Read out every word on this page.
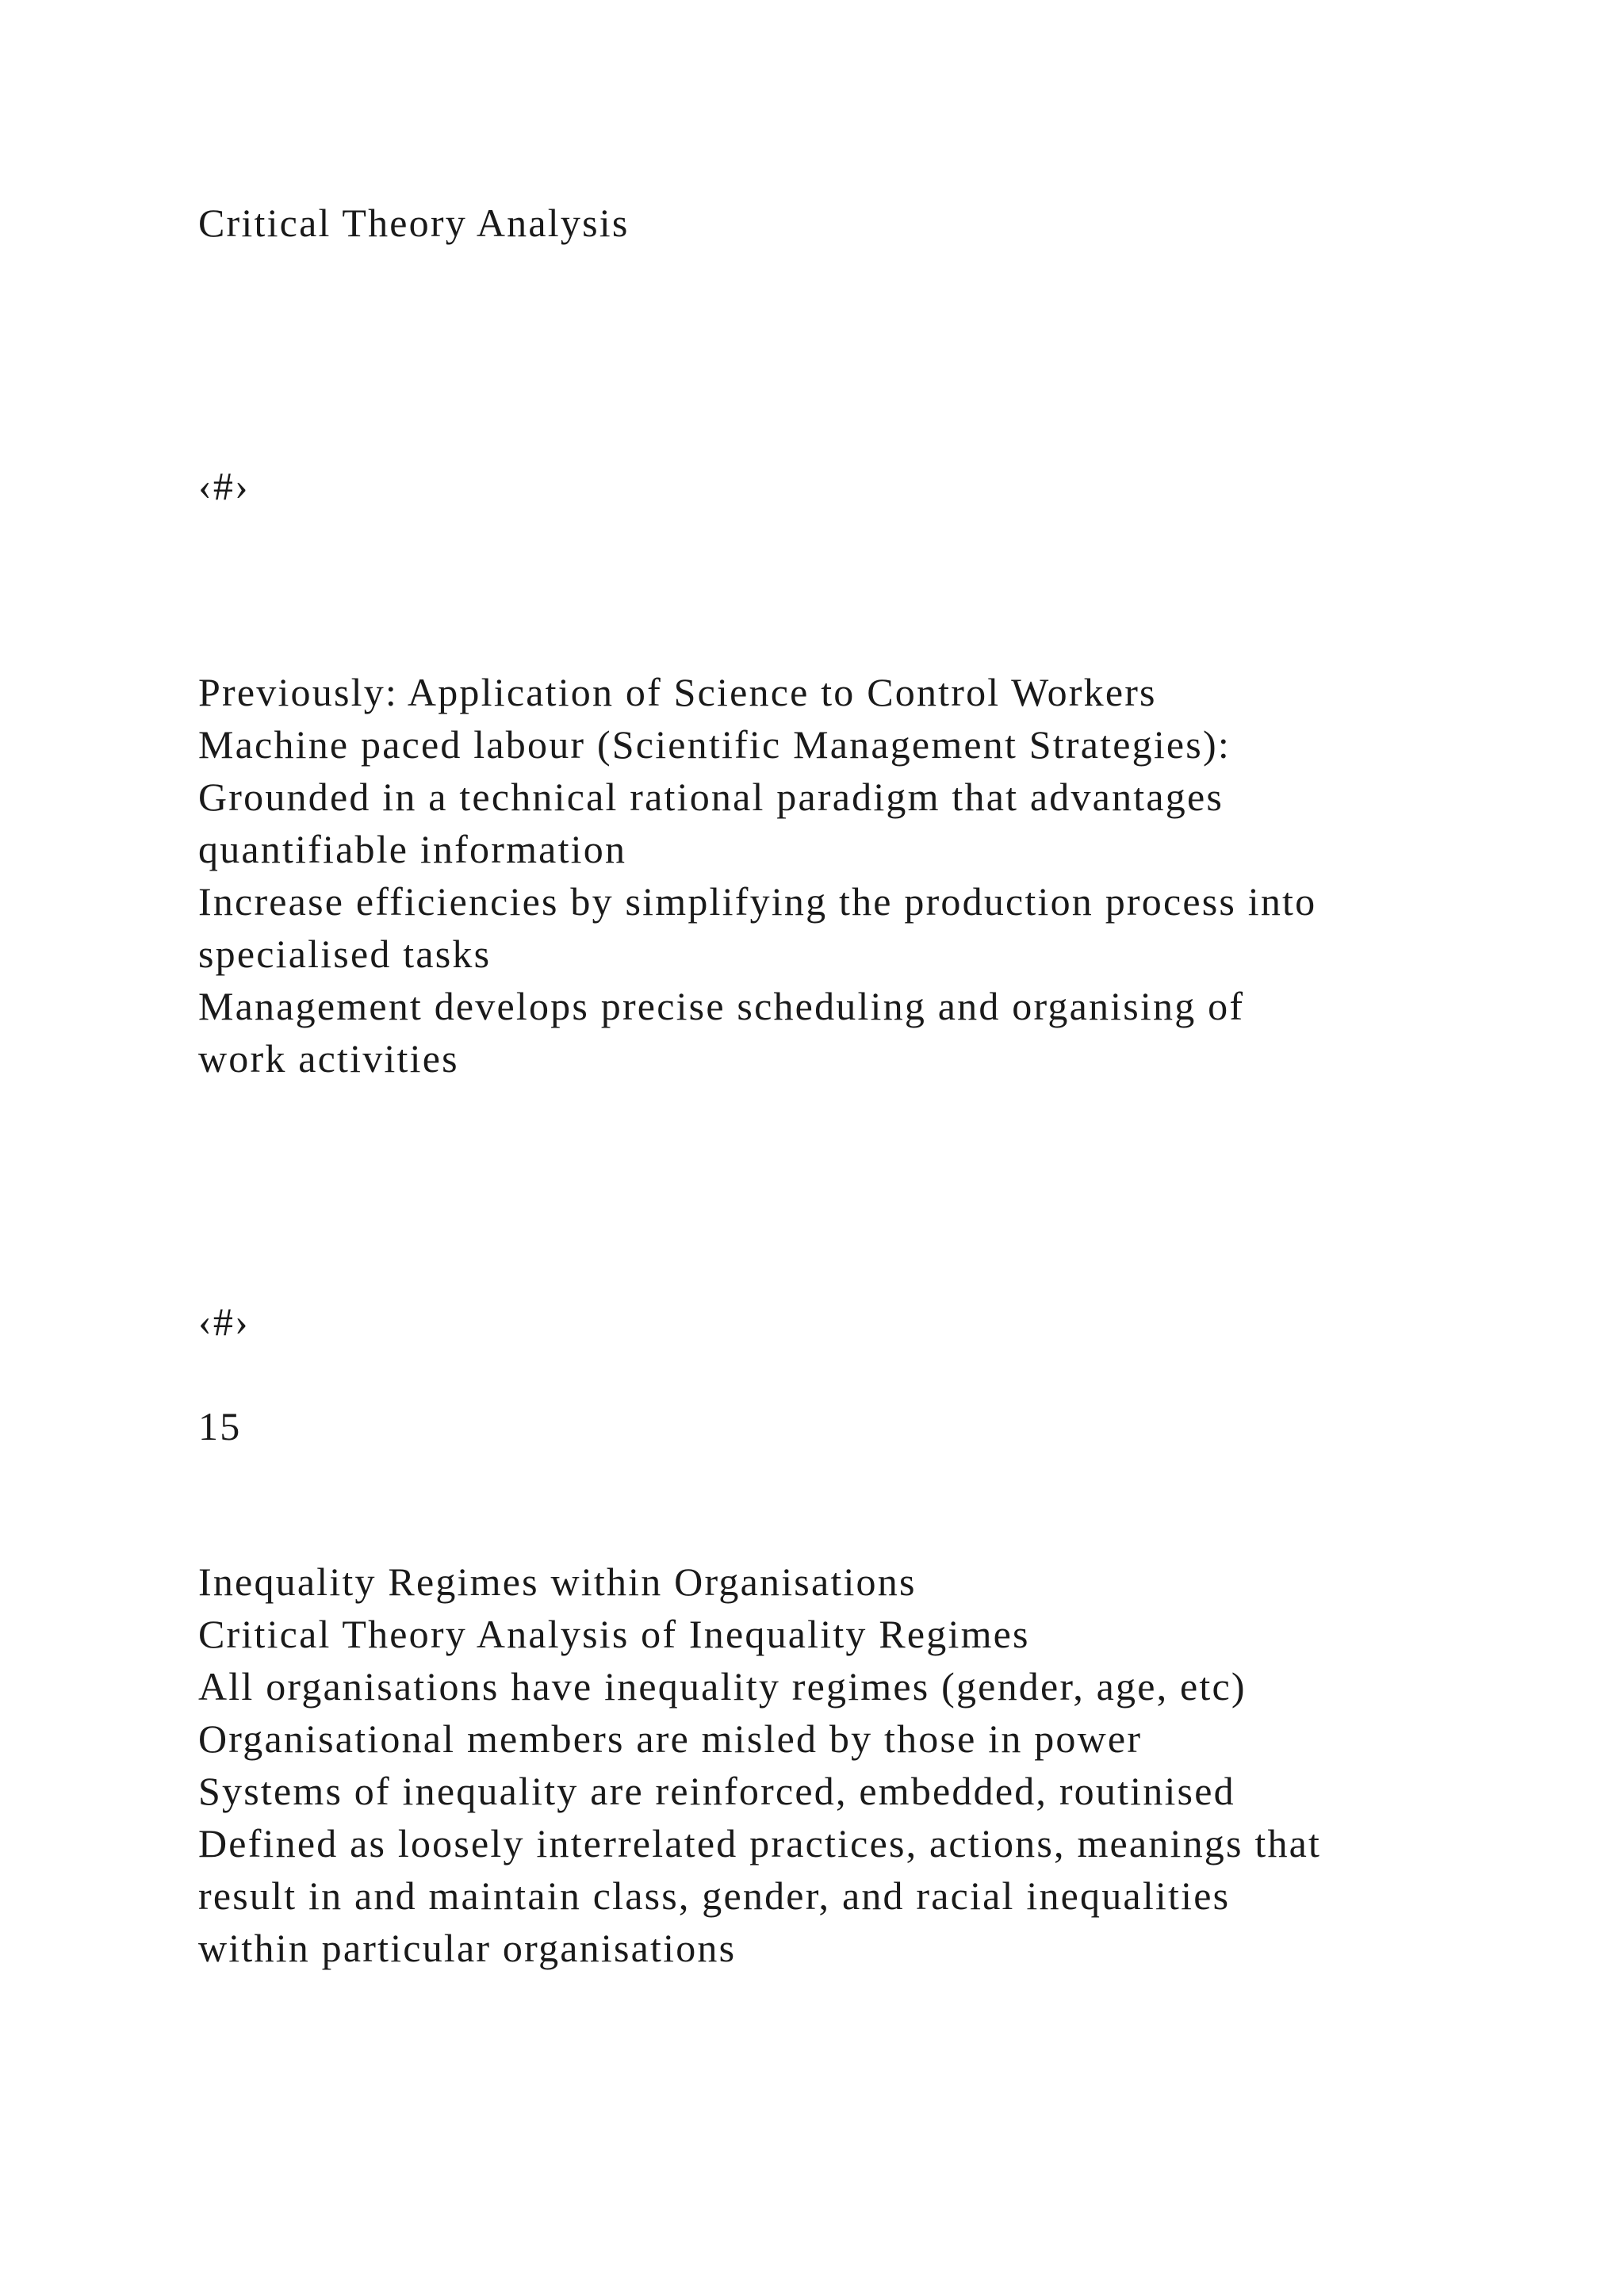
Critical Theory Analysis

‹#›

Previously: Application of Science to Control Workers

Machine paced labour (Scientific Management Strategies):

Grounded in a technical rational paradigm that advantages

quantifiable information

Increase efficiencies by simplifying the production process into

specialised tasks

Management develops precise scheduling and organising of

work activities

‹#›

15

Inequality Regimes within Organisations

Critical Theory Analysis of Inequality Regimes

All organisations have inequality regimes (gender, age, etc)

Organisational members are misled by those in power

Systems of inequality are reinforced, embedded, routinised

Defined as loosely interrelated practices, actions, meanings that

result in and maintain class, gender, and racial inequalities

within particular organisations
